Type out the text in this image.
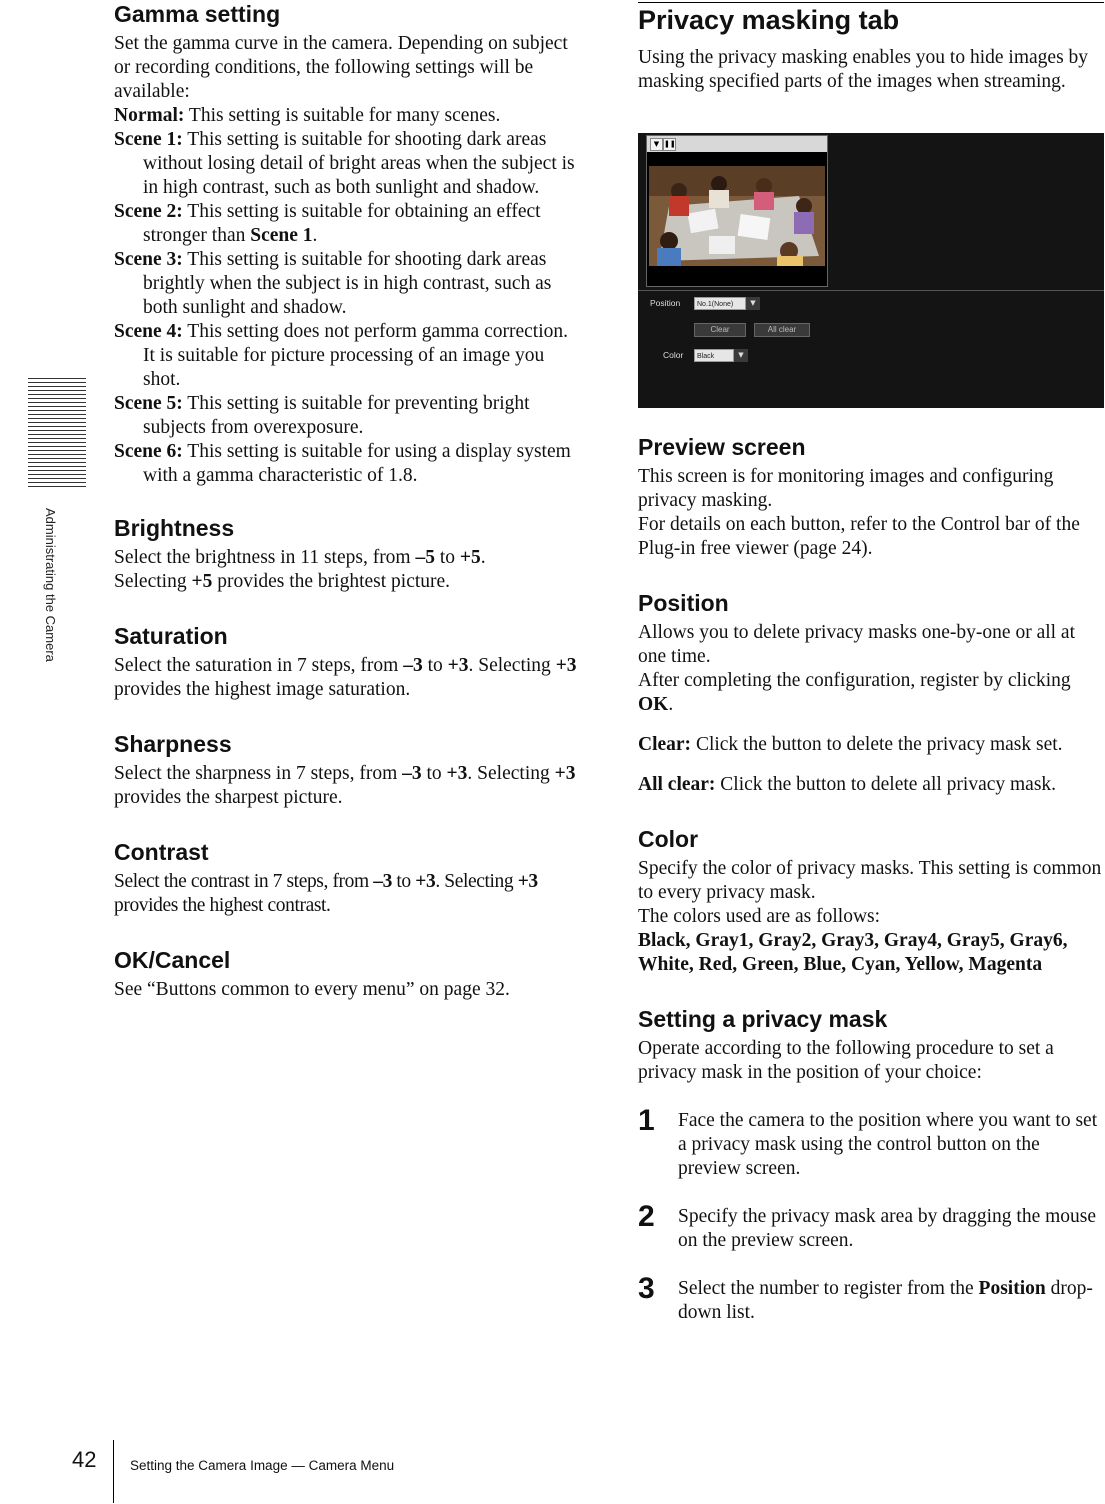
Administrating the Camera
Gamma setting

Set the gamma curve in the camera. Depending on subject or recording conditions, the following settings will be available:

Normal: This setting is suitable for many scenes.

Scene 1: This setting is suitable for shooting dark areas without losing detail of bright areas when the subject is in high contrast, such as both sunlight and shadow.

Scene 2: This setting is suitable for obtaining an effect stronger than Scene 1.

Scene 3: This setting is suitable for shooting dark areas brightly when the subject is in high contrast, such as both sunlight and shadow.

Scene 4: This setting does not perform gamma correction. It is suitable for picture processing of an image you shot.

Scene 5: This setting is suitable for preventing bright subjects from overexposure.

Scene 6: This setting is suitable for using a display system with a gamma characteristic of 1.8.

Brightness

Select the brightness in 11 steps, from –5 to +5.
Selecting +5 provides the brightest picture.

Saturation

Select the saturation in 7 steps, from –3 to +3. Selecting +3 provides the highest image saturation.

Sharpness

Select the sharpness in 7 steps, from –3 to +3. Selecting +3 provides the sharpest picture.

Contrast

Select the contrast in 7 steps, from –3 to +3. Selecting +3 provides the highest contrast.

OK/Cancel

See “Buttons common to every menu” on page 32.

Privacy masking tab

Using the privacy masking enables you to hide images by masking specified parts of the images when streaming.

▼ ❚❚
Position	No.1(None)	▼
Clear	All clear
Color	Black	▼
Preview screen

This screen is for monitoring images and configuring privacy masking.

For details on each button, refer to the Control bar of the Plug-in free viewer (page 24).

Position

Allows you to delete privacy masks one-by-one or all at one time.

After completing the configuration, register by clicking OK.

Clear: Click the button to delete the privacy mask set.

All clear: Click the button to delete all privacy mask.

Color

Specify the color of privacy masks. This setting is common to every privacy mask.

The colors used are as follows:

Black, Gray1, Gray2, Gray3, Gray4, Gray5, Gray6, White, Red, Green, Blue, Cyan, Yellow, Magenta

Setting a privacy mask

Operate according to the following procedure to set a privacy mask in the position of your choice:

1 Face the camera to the position where you want to set a privacy mask using the control button on the preview screen.

2 Specify the privacy mask area by dragging the mouse on the preview screen.

3 Select the number to register from the Position drop-down list.

42 Setting the Camera Image — Camera Menu
